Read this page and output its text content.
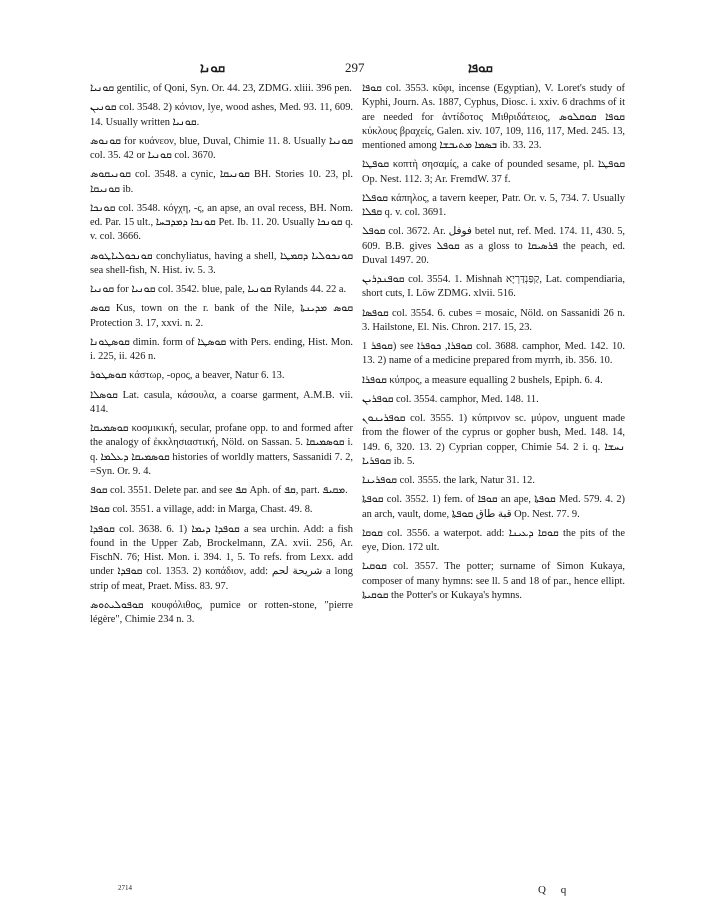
ܩܘܢܐ	297	ܩܘܦܐ

ܩܘܢܝܐ gentilic, of Qoni, Syn. Or. 44. 23, ZDMG. xliii. 396 pen.

ܩܘܢܝܢ col. 3548. 2) κόνιον, lye, wood ashes, Med. 93. 11, 609. 14. Usually written ܩܘܢܝܐ.

ܩܘܢܘܣ for κυάνεον, blue, Duval, Chimie 11. 8. Usually ܩܘܢܝܐ col. 35. 42 or ܩܘܢܝܐ col. 3670.

ܩܘܢܝܩܘܣ col. 3548. a cynic, ܩܘܢܝܩܐ BH. Stories 10. 23, pl. ܩܘܢܝܩܐ ib.

ܩܘܢܟܐ col. 3548. κόγχη, -ς, an apse, an oval recess, BH. Nom. ed. Par. 15 ult., ܩܘܢܟܐ ܕܡܕܒܚܐ Pet. Ib. 11. 20. Usually ܩܘܢܟܐ q. v. col. 3666.

ܩܘܢܟܘܠܝܐܛܘܣ conchyliatus, having a shell, ܩܘܢܟܘܠܝܐ ܕܩܡܛܐ sea shell-fish, N. Hist. iv. 5. 3.

ܩܘܢܝܐ for ܩܘܢܝܐ col. 3542. blue, pale, ܩܘܢܝܐ Rylands 44. 22 a.

ܩܘܣ Kus, town on the r. bank of the Nile, ܩܘܣ ܡܕܝܢܬܐ Protection 3. 17, xxvi. n. 2.

ܩܘܣܛܘܢܐ dimin. form of ܩܘܣܛܐ with Pers. ending, Hist. Mon. i. 225, ii. 426 n.

ܩܘܣܛܘܪ κάστωρ, -ορος, a beaver, Natur 6. 13.

ܩܘܣܠܐ Lat. casula, κάσουλα, a coarse garment, A.M.B. vii. 414.

ܩܘܣܡܝܩܐ κοσμικική, secular, profane opp. to and formed after the analogy of ἐκκλησιαστική, Nöld. on Sassan. 5. ܩܘܣܡܝܩܐ i. q. ܩܘܣܡܝܩܐ ܕܥܠܡܐ histories of worldly matters, Sassanidi 7. 2, =Syn. Or. 9. 4.

ܩܘܦ col. 3551. Delete par. and see ܩܦ Aph. of ܩܦ, part. ܡܩܝܦ.

ܩܘܦܐ col. 3551. a village, add: in Marga, Chast. 49. 8.

ܩܘܦܕܐ col. 3638. 6. 1) ܩܘܦܕܐ ܕܝܡܐ a sea urchin. Add: a fish found in the Upper Zab, Brockelmann, ZA. xvii. 256, Ar. FischN. 76; Hist. Mon. i. 394. 1, 5. To refs. from Lexx. add under ܩܘܦܕܐ col. 1353. 2) κοπάδιον, add: شريحة لحم a long strip of meat, Praet. Miss. 83. 97.

ܩܘܦܘܠܝܬܘܣ κουφόλιθος, pumice or rotten-stone, "pierre légère", Chimie 234 n. 3.

ܩܘܦܐ col. 3553. κῦφι, incense (Egyptian), V. Loret's study of Kyphi, Journ. As. 1887, Cyphus, Diosc. i. xxiv. 6 drachms of it are needed for ἀντίδοτος Μιθριδάτειος, ܩܘܦܐ ܩܘܩܠܘܣ κύκλους βραχείς, Galen. xiv. 107, 109, 116, 117, Med. 245. 13, mentioned among ܒܣܡܐ ܡܬܝܒܫܐ ib. 33. 23.

ܩܘܦܛܐ κοπτὴ σησαμίς, a cake of pounded sesame, pl. ܩܘܦܛܐ Op. Nest. 112. 3; Ar. FremdW. 37 f.

ܩܘܦܠܐ κάπηλος, a tavern keeper, Patr. Or. v. 5, 734. 7. Usually ܩܦܠܐ q. v. col. 3691.

ܩܘܦܠ col. 3672. Ar. فوفل betel nut, ref. Med. 174. 11, 430. 5, 609. B.B. gives ܩܘܦܠ as a gloss to ܦܪܣܝܩܐ the peach, ed. Duval 1497. 20.

ܩܘܦܢܕܪܝܢ col. 3554. 1. Mishnah קַפַּנְדַּרְיָא, Lat. compendiaria, short cuts, I. Löw ZDMG. xlvii. 516.

ܩܘܦܣܐ col. 3554. 6. cubes = mosaic, Nöld. on Sassanidi 26 n. 3. Hailstone, El. Nis. Chron. 217. 15, 23.

ܩܘܦܪ 1) see ܩܘܦܪܐ, ܟܘܦܪܐ col. 3688. camphor, Med. 142. 10. 13. 2) name of a medicine prepared from myrrh, ib. 356. 10.

ܩܘܦܪܐ κύπρος, a measure equalling 2 bushels, Epiph. 6. 4.

ܩܘܦܪܝܢ col. 3554. camphor, Med. 148. 11.

ܩܘܦܪܝܢܘܢ col. 3555. 1) κύπρινον sc. μύρον, unguent made from the flower of the cyprus or gopher bush, Med. 148. 14, 149. 6, 320. 13. 2) Cyprian copper, Chimie 54. 2 i. q. ܢܚܫܐ ܩܘܦܪܝܐ ib. 5.

ܩܘܦܪܝܢܐ col. 3555. the lark, Natur 31. 12.

ܩܘܦܬܐ col. 3552. 1) fem. of ܩܘܦܐ an ape, ܩܘܦܬܐ Med. 579. 4. 2) an arch, vault, dome, قبة طاق ܩܘܦܬܐ Op. Nest. 77. 9.

ܩܘܩܐ col. 3556. a waterpot. add: ܩܘܩܐ ܕܥܝܢܐ the pits of the eye, Dion. 172 ult.

ܩܘܩܝܐ col. 3557. The potter; surname of Simon Kukaya, composer of many hymns: see ll. 5 and 18 of par., hence ellipt. ܩܘܩܝܬܐ the Potter's or Kukaya's hymns.

2714	Q q
